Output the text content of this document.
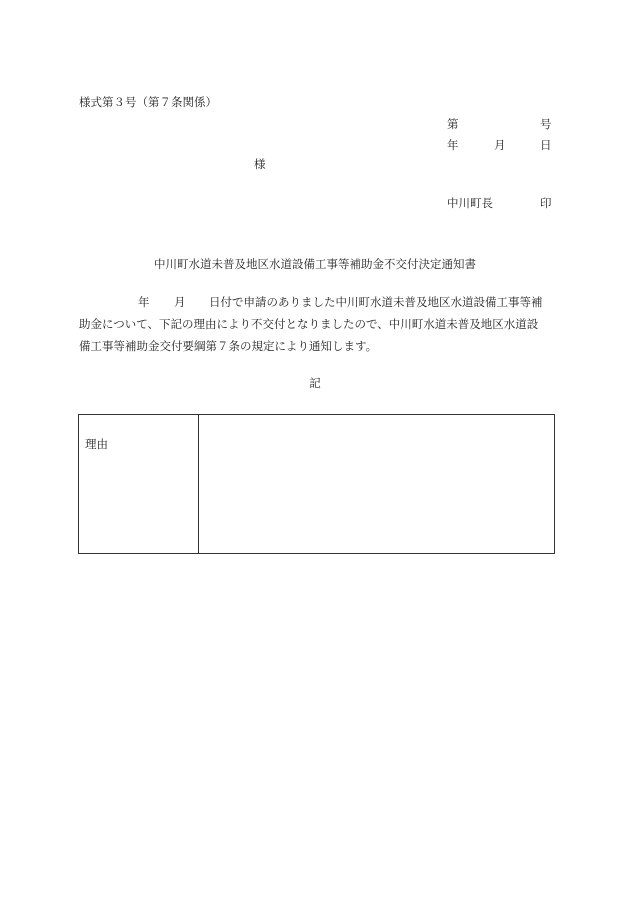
様式第３号（第７条関係）
第	号
年	月	日
様
中川町長	印
中川町水道未普及地区水道設備工事等補助金不交付決定通知書
年 月 日付で申請のありました中川町水道未普及地区水道設備工事等補
助金について、下記の理由により不交付となりましたので、中川町水道未普及地区水道設
備工事等補助金交付要綱第７条の規定により通知します。
記
理由
